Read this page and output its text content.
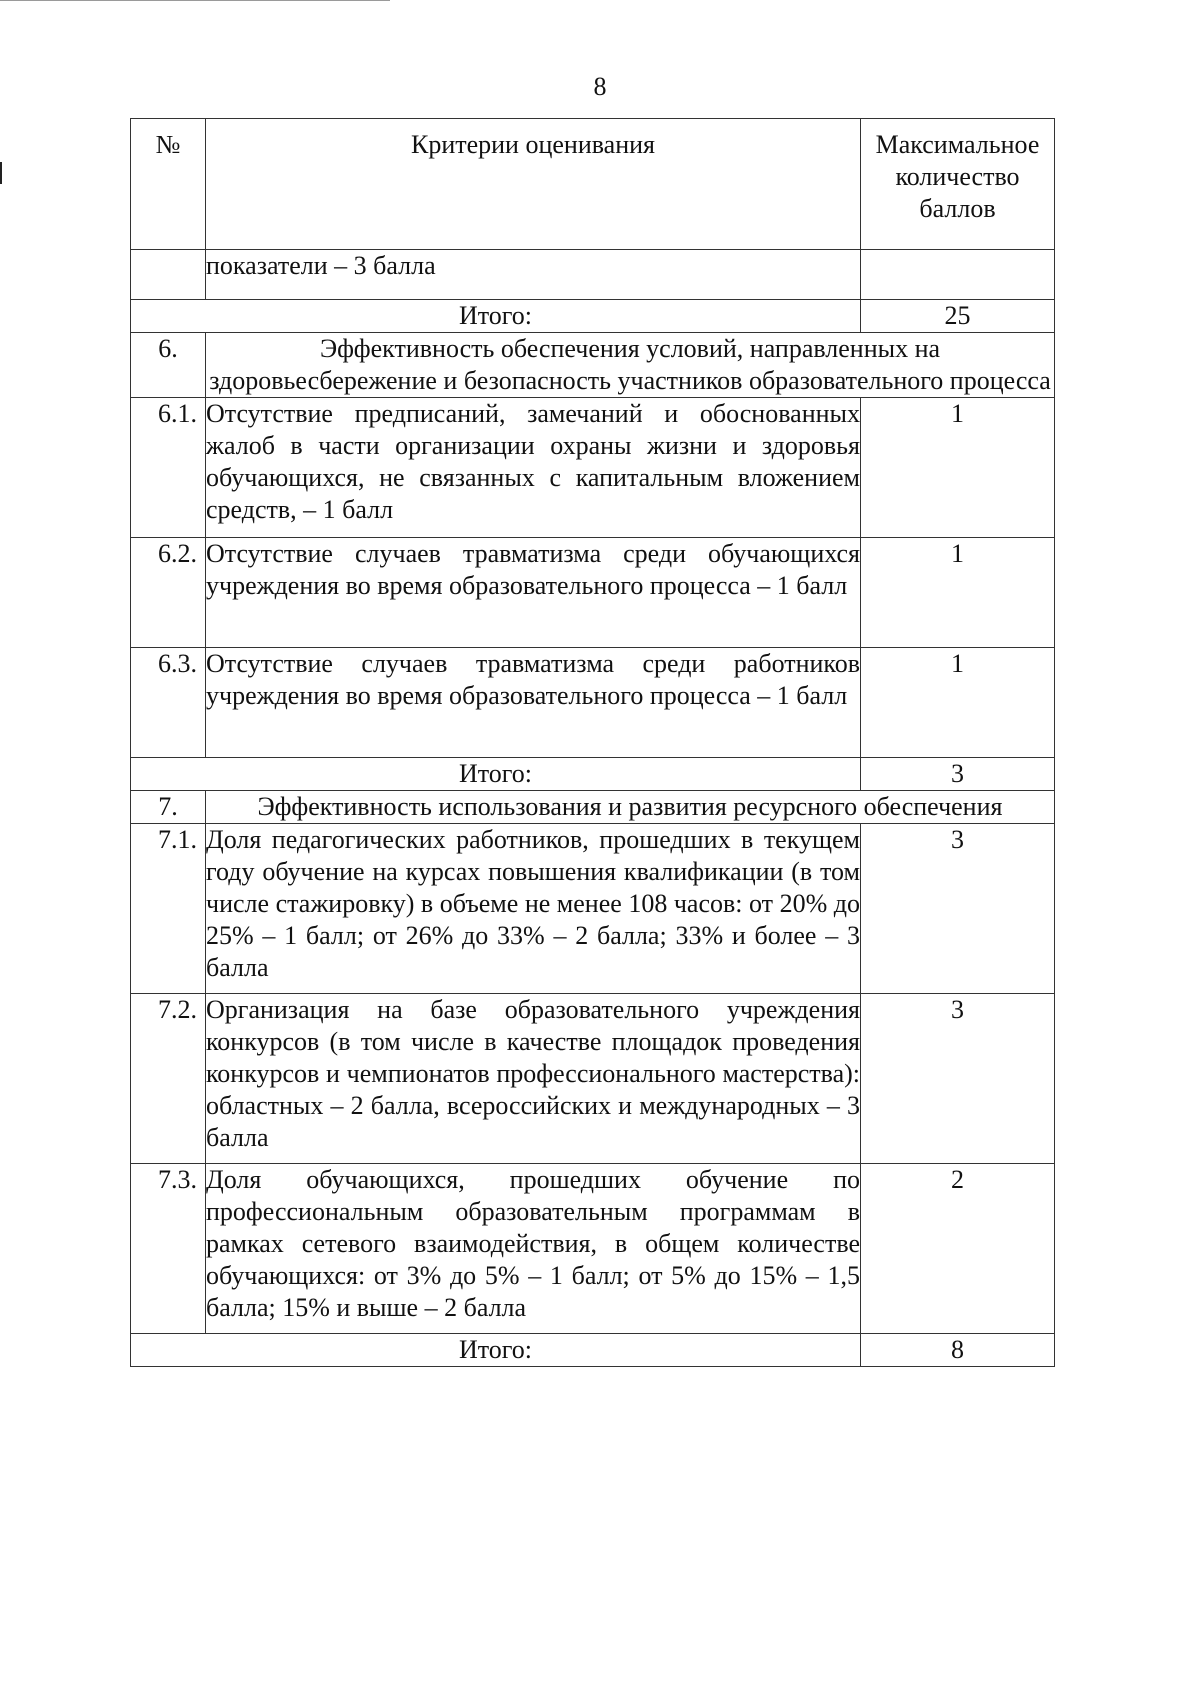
8
№	Критерии оценивания	Максимальное количество баллов
	показатели – 3 балла	
Итого:		25
6.	Эффективность обеспечения условий, направленных на здоровьесбережение и безопасность участников образовательного процесса	
6.1.	Отсутствие предписаний, замечаний и обоснованных жалоб в части организации охраны жизни и здоровья обучающихся, не связанных с капитальным вложением средств, – 1 балл	1
6.2.	Отсутствие случаев травматизма среди обучающихся учреждения во время образовательного процесса – 1 балл	1
6.3.	Отсутствие случаев травматизма среди работников учреждения во время образовательного процесса – 1 балл	1
Итого:		3
7.	Эффективность использования и развития ресурсного обеспечения	
7.1.	Доля педагогических работников, прошедших в текущем году обучение на курсах повышения квалификации (в том числе стажировку) в объеме не менее 108 часов: от 20% до 25% – 1 балл; от 26% до 33% – 2 балла; 33% и более – 3 балла	3
7.2.	Организация на базе образовательного учреждения конкурсов (в том числе в качестве площадок проведения конкурсов и чемпионатов профессионального мастерства): областных – 2 балла, всероссийских и международных – 3 балла	3
7.3.	Доля обучающихся, прошедших обучение по профессиональным образовательным программам в рамках сетевого взаимодействия, в общем количестве обучающихся: от 3% до 5% – 1 балл; от 5% до 15% – 1,5 балла; 15% и выше – 2 балла	2
Итого:		8
